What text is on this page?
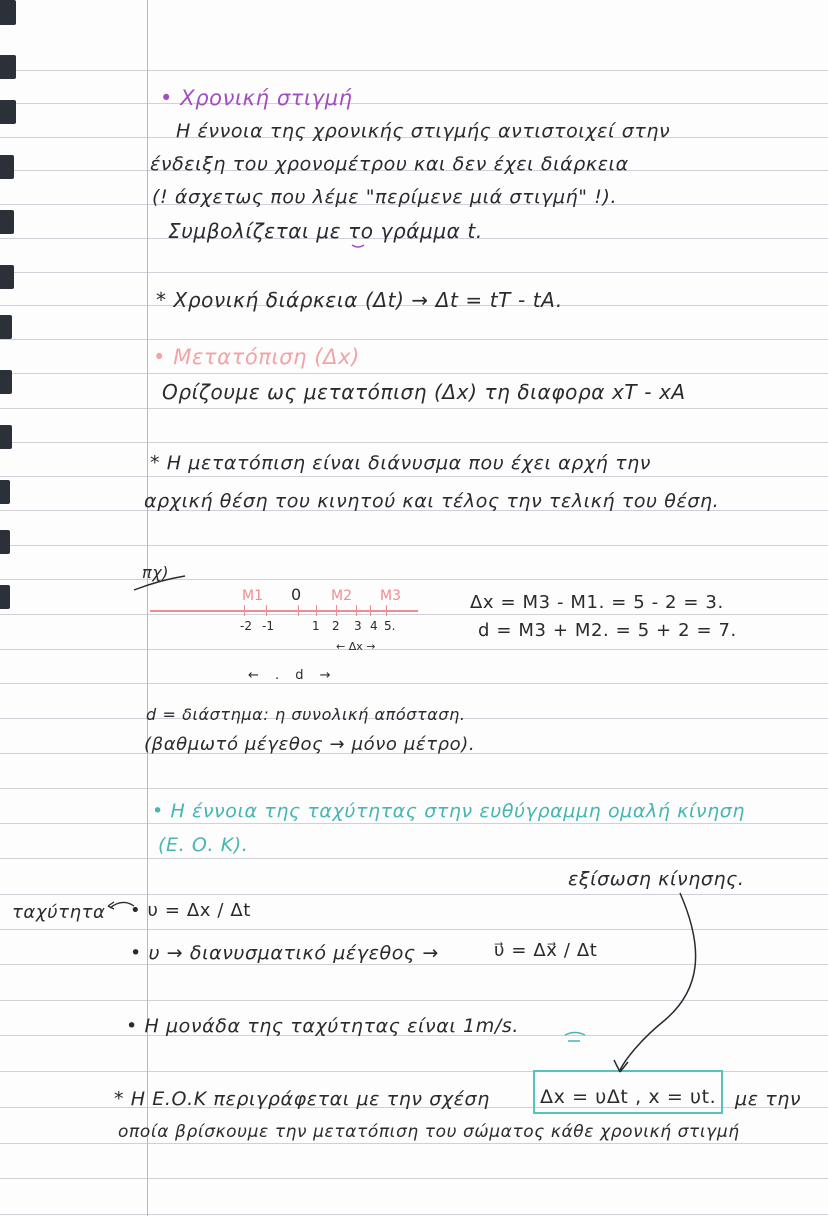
• Χρονική στιγμή
Η έννοια της χρονικής στιγμής αντιστοιχεί στην
ένδειξη του χρονομέτρου και δεν έχει διάρκεια
(! άσχετως που λέμε "περίμενε μιά στιγμή" !).
Συμβολίζεται με το γράμμα t.
* Χρονική διάρκεια (Δt) → Δt = tT - tA.
• Μετατόπιση (Δx)
Ορίζουμε ως μετατόπιση (Δx) τη διαφορα xT - xA
* Η μετατόπιση είναι διάνυσμα που έχει αρχή την
αρχική θέση του κινητού και τέλος την τελική του θέση.
πχ)
M1 0 M2 M3
-2 -1	1 2 3 4 5.
← Δx →
← . d →
Δx = M3 - M1. = 5 - 2 = 3.
d = M3 + M2. = 5 + 2 = 7.
d = διάστημα: η συνολική απόσταση.
(βαθμωτό μέγεθος → μόνο μέτρο).
• Η έννοια της ταχύτητας στην ευθύγραμμη ομαλή κίνηση
(Ε. Ο. Κ).
εξίσωση κίνησης.
ταχύτητα • υ = Δx / Δt
• υ → διανυσματικό μέγεθος →	υ⃗ = Δx⃗ / Δt
• Η μονάδα της ταχύτητας είναι 1m/s.
* Η Ε.Ο.Κ περιγράφεται με την σχέση	Δx = υΔt , x = υt. με την
οποία βρίσκουμε την μετατόπιση του σώματος κάθε χρονική στιγμή
